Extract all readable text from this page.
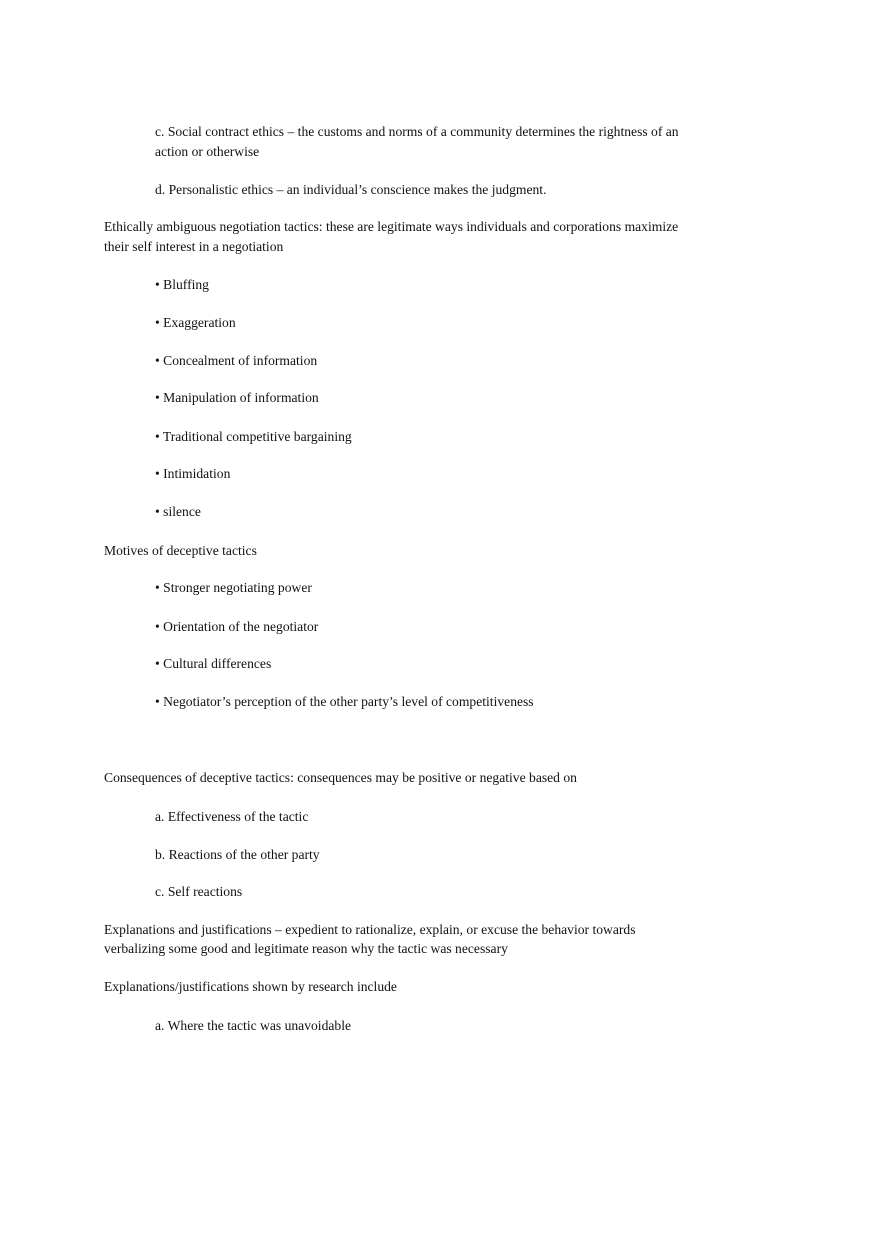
c. Social contract ethics – the customs and norms of a community determines the rightness of an
action or otherwise
d. Personalistic ethics – an individual’s conscience makes the judgment.
Ethically ambiguous negotiation tactics: these are legitimate ways individuals and corporations maximize
their self interest in a negotiation
• Bluffing
• Exaggeration
• Concealment of information
• Manipulation of information
• Traditional competitive bargaining
• Intimidation
• silence
Motives of deceptive tactics
• Stronger negotiating power
• Orientation of the negotiator
• Cultural differences
• Negotiator’s perception of the other party’s level of competitiveness
Consequences of deceptive tactics: consequences may be positive or negative based on
a. Effectiveness of the tactic
b. Reactions of the other party
c. Self reactions
Explanations and justifications – expedient to rationalize, explain, or excuse the behavior towards
verbalizing some good and legitimate reason why the tactic was necessary
Explanations/justifications shown by research include
a. Where the tactic was unavoidable
